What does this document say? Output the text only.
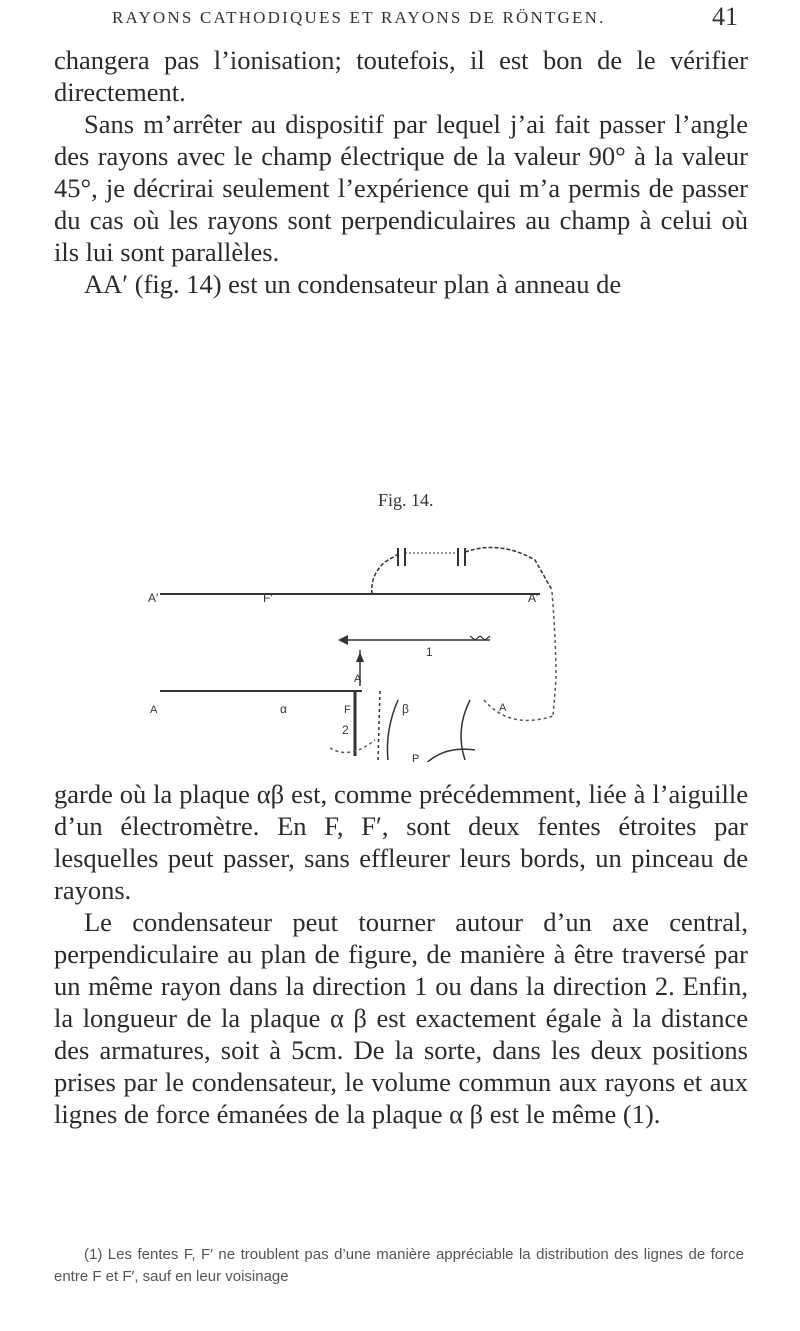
RAYONS CATHODIQUES ET RAYONS DE RÖNTGEN.	41

changera pas l’ionisation; toutefois, il est bon de le vérifier directement.

Sans m’arrêter au dispositif par lequel j’ai fait passer l’angle des rayons avec le champ électrique de la valeur 90° à la valeur 45°, je décrirai seulement l’expérience qui m’a permis de passer du cas où les rayons sont perpendiculaires au champ à celui où ils lui sont parallèles.

AA′ (fig. 14) est un condensateur plan à anneau de

Fig. 14.
A′	F′	A′
A
A	α	F
2
1
β	A
P

garde où la plaque αβ est, comme précédemment, liée à l’aiguille d’un électromètre. En F, F′, sont deux fentes étroites par lesquelles peut passer, sans effleurer leurs bords, un pinceau de rayons.

Le condensateur peut tourner autour d’un axe central, perpendiculaire au plan de figure, de manière à être traversé par un même rayon dans la direction 1 ou dans la direction 2. Enfin, la longueur de la plaque α β est exactement égale à la distance des armatures, soit à 5cm. De la sorte, dans les deux positions prises par le condensateur, le volume commun aux rayons et aux lignes de force émanées de la plaque α β est le même (1).

(1) Les fentes F, F′ ne troublent pas d’une manière appréciable la distribution des lignes de force entre F et F′, sauf en leur voisinage
